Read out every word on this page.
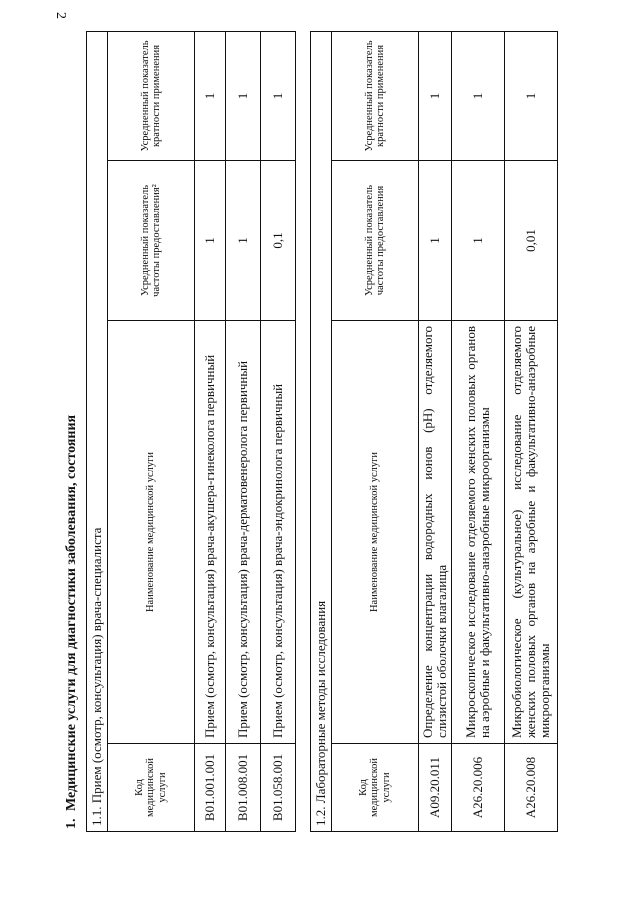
2
1. Медицинские услуги для диагностики заболевания, состояния 1.1. Прием (осмотр, консультация) врача-специалиста			
Код медицинской услуги	Наименование медицинской услуги	Усредненный показатель частоты предоставления²	Усредненный показатель кратности применения
B01.001.001	Прием (осмотр, консультация) врача-акушера-гинеколога первичный	1	1
B01.008.001	Прием (осмотр, консультация) врача-дерматовенеролога первичный	1	1
B01.058.001	Прием (осмотр, консультация) врача-эндокринолога первичный	0,1	1
1.2. Лабораторные методы исследования			
Код медицинской услуги	Наименование медицинской услуги	Усредненный показатель частоты предоставления	Усредненный показатель кратности применения
A09.20.011	Определение концентрации водородных ионов (pH) отделяемого слизистой оболочки влагалища	1	1
A26.20.006	Микроскопическое исследование отделяемого женских половых органов на аэробные и факультативно-анаэробные микроорганизмы	1	1
A26.20.008	Микробиологическое (культуральное) исследование отделяемого женских половых органов на аэробные и факультативно-анаэробные микроорганизмы	0,01	1
